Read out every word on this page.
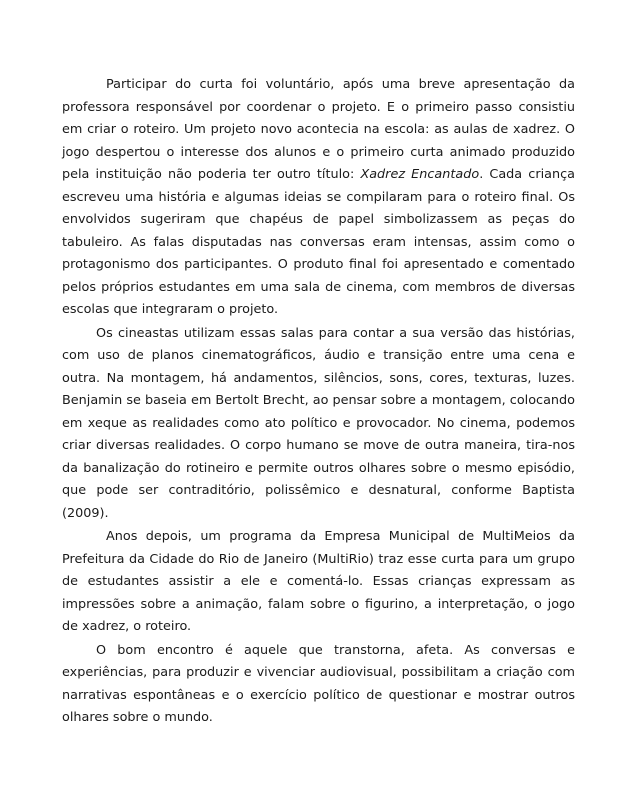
Participar do curta foi voluntário, após uma breve apresentação da professora responsável por coordenar o projeto. E o primeiro passo consistiu em criar o roteiro. Um projeto novo acontecia na escola: as aulas de xadrez. O jogo despertou o interesse dos alunos e o primeiro curta animado produzido pela instituição não poderia ter outro título: Xadrez Encantado. Cada criança escreveu uma história e algumas ideias se compilaram para o roteiro final. Os envolvidos sugeriram que chapéus de papel simbolizassem as peças do tabuleiro. As falas disputadas nas conversas eram intensas, assim como o protagonismo dos participantes. O produto final foi apresentado e comentado pelos próprios estudantes em uma sala de cinema, com membros de diversas escolas que integraram o projeto.

Os cineastas utilizam essas salas para contar a sua versão das histórias, com uso de planos cinematográficos, áudio e transição entre uma cena e outra. Na montagem, há andamentos, silêncios, sons, cores, texturas, luzes. Benjamin se baseia em Bertolt Brecht, ao pensar sobre a montagem, colocando em xeque as realidades como ato político e provocador. No cinema, podemos criar diversas realidades. O corpo humano se move de outra maneira, tira-nos da banalização do rotineiro e permite outros olhares sobre o mesmo episódio, que pode ser contraditório, polissêmico e desnatural, conforme Baptista (2009).

Anos depois, um programa da Empresa Municipal de MultiMeios da Prefeitura da Cidade do Rio de Janeiro (MultiRio) traz esse curta para um grupo de estudantes assistir a ele e comentá-lo. Essas crianças expressam as impressões sobre a animação, falam sobre o figurino, a interpretação, o jogo de xadrez, o roteiro.

O bom encontro é aquele que transtorna, afeta. As conversas e experiências, para produzir e vivenciar audiovisual, possibilitam a criação com narrativas espontâneas e o exercício político de questionar e mostrar outros olhares sobre o mundo.
